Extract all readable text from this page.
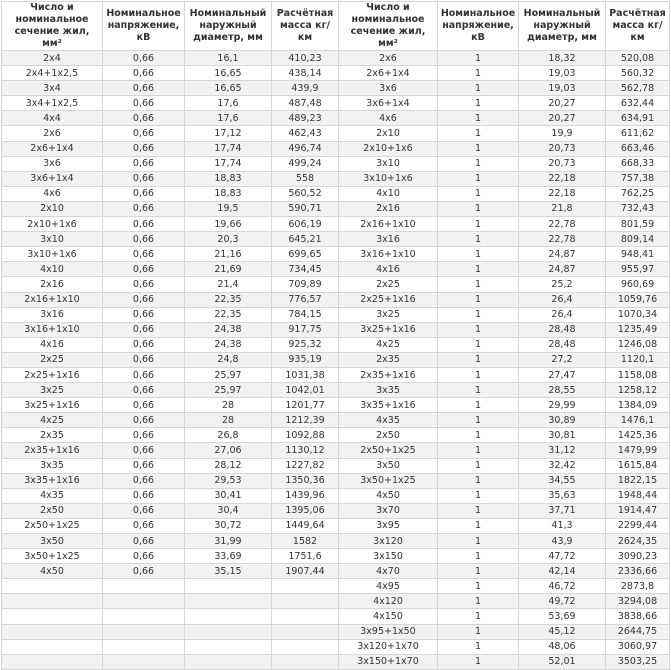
Число и номинальное сечение жил, мм²	Номинальное напряжение, кВ	Номинальный наружный диаметр, мм	Расчётная масса кг/км	Число и номинальное сечение жил, мм²	Номинальное напряжение, кВ	Номинальный наружный диаметр, мм	Расчётная масса кг/км
2x4	0,66	16,1	410,23	2x6	1	18,32	520,08
2x4+1x2,5	0,66	16,65	438,14	2x6+1x4	1	19,03	560,32
3x4	0,66	16,65	439,9	3x6	1	19,03	562,78
3x4+1x2,5	0,66	17,6	487,48	3x6+1x4	1	20,27	632,44
4x4	0,66	17,6	489,23	4x6	1	20,27	634,91
2x6	0,66	17,12	462,43	2x10	1	19,9	611,62
2x6+1x4	0,66	17,74	496,74	2x10+1x6	1	20,73	663,46
3x6	0,66	17,74	499,24	3x10	1	20,73	668,33
3x6+1x4	0,66	18,83	558	3x10+1x6	1	22,18	757,38
4x6	0,66	18,83	560,52	4x10	1	22,18	762,25
2x10	0,66	19,5	590,71	2x16	1	21,8	732,43
2x10+1x6	0,66	19,66	606,19	2x16+1x10	1	22,78	801,59
3x10	0,66	20,3	645,21	3x16	1	22,78	809,14
3x10+1x6	0,66	21,16	699,65	3x16+1x10	1	24,87	948,41
4x10	0,66	21,69	734,45	4x16	1	24,87	955,97
2x16	0,66	21,4	709,89	2x25	1	25,2	960,69
2x16+1x10	0,66	22,35	776,57	2x25+1x16	1	26,4	1059,76
3x16	0,66	22,35	784,15	3x25	1	26,4	1070,34
3x16+1x10	0,66	24,38	917,75	3x25+1x16	1	28,48	1235,49
4x16	0,66	24,38	925,32	4x25	1	28,48	1246,08
2x25	0,66	24,8	935,19	2x35	1	27,2	1120,1
2x25+1x16	0,66	25,97	1031,38	2x35+1x16	1	27,47	1158,08
3x25	0,66	25,97	1042,01	3x35	1	28,55	1258,12
3x25+1x16	0,66	28	1201,77	3x35+1x16	1	29,99	1384,09
4x25	0,66	28	1212,39	4x35	1	30,89	1476,1
2x35	0,66	26,8	1092,88	2x50	1	30,81	1425,36
2x35+1x16	0,66	27,06	1130,12	2x50+1x25	1	31,12	1479,99
3x35	0,66	28,12	1227,82	3x50	1	32,42	1615,84
3x35+1x16	0,66	29,53	1350,36	3x50+1x25	1	34,55	1822,15
4x35	0,66	30,41	1439,96	4x50	1	35,63	1948,44
2x50	0,66	30,4	1395,06	3x70	1	37,71	1914,47
2x50+1x25	0,66	30,72	1449,64	3x95	1	41,3	2299,44
3x50	0,66	31,99	1582	3x120	1	43,9	2624,35
3x50+1x25	0,66	33,69	1751,6	3x150	1	47,72	3090,23
4x50	0,66	35,15	1907,44	4x70	1	42,14	2336,66
				4x95	1	46,72	2873,8
				4x120	1	49,72	3294,08
				4x150	1	53,69	3838,66
				3x95+1x50	1	45,12	2644,75
				3x120+1x70	1	48,06	3060,97
				3x150+1x70	1	52,01	3503,25
